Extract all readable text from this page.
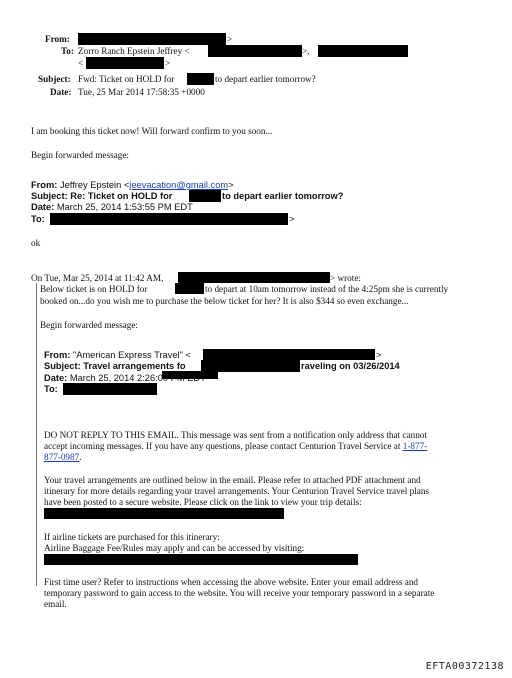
From:	>
To: Zorro Ranch Epstein Jeffrey <	>,
<	>
Subject: Fwd: Ticket on HOLD for	to depart earlier tomorrow?
Date: Tue, 25 Mar 2014 17:58:35 +0000
I am booking this ticket now! Will forward confirm to you soon...
Begin forwarded message:
From: Jeffrey Epstein <jeevacation@gmail.com>
Subject: Re: Ticket on HOLD for	to depart earlier tomorrow?
Date: March 25, 2014 1:53:55 PM EDT
To:	>
ok
On Tue, Mar 25, 2014 at 11:42 AM,	> wrote:
Below ticket is on HOLD for	to depart at 10am tomorrow instead of the 4:25pm she is currently
booked on...do you wish me to purchase the below ticket for her? It is also $344 so even exchange...
Begin forwarded message:
From: "American Express Travel" <	>
Subject: Travel arrangements fo	raveling on 03/26/2014
Date: March 25, 2014 2:26:00 PM EDT
To:
DO NOT REPLY TO THIS EMAIL. This message was sent from a notification only address that cannot
accept incoming messages. If you have any questions, please contact Centurion Travel Service at 1-877-
877-0987.
Your travel arrangements are outlined below in the email. Please refer to attached PDF attachment and
itinerary for more details regarding your travel arrangements. Your Centurion Travel Service travel plans
have been posted to a secure website. Please click on the link to view your trip details:
If airline tickets are purchased for this itinerary:
Airline Baggage Fee/Rules may apply and can be accessed by visiting:
First time user? Refer to instructions when accessing the above website. Enter your email address and
temporary password to gain access to the website. You will receive your temporary password in a separate
email.
EFTA00372138
